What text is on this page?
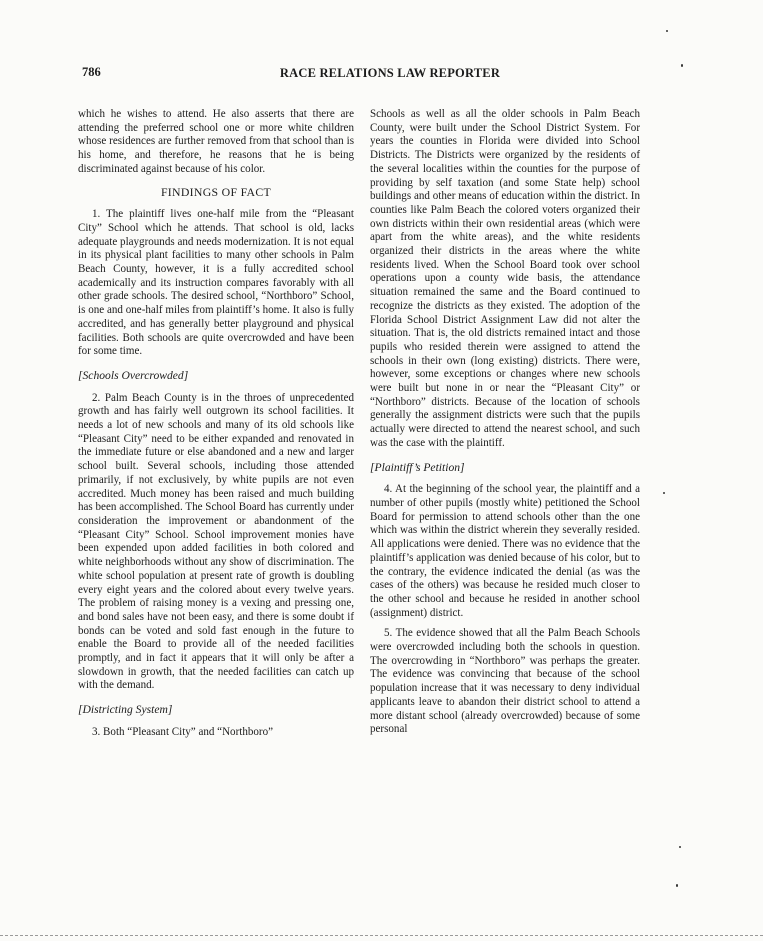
786	RACE RELATIONS LAW REPORTER

which he wishes to attend. He also asserts that there are attending the preferred school one or more white children whose residences are further removed from that school than is his home, and therefore, he reasons that he is being discriminated against because of his color.

FINDINGS OF FACT

1. The plaintiff lives one-half mile from the “Pleasant City” School which he attends. That school is old, lacks adequate playgrounds and needs modernization. It is not equal in its physical plant facilities to many other schools in Palm Beach County, however, it is a fully accredited school academically and its instruction compares favorably with all other grade schools. The desired school, “Northboro” School, is one and one-half miles from plaintiff’s home. It also is fully accredited, and has generally better playground and physical facilities. Both schools are quite overcrowded and have been for some time.

[Schools Overcrowded]

2. Palm Beach County is in the throes of unprecedented growth and has fairly well outgrown its school facilities. It needs a lot of new schools and many of its old schools like “Pleasant City” need to be either expanded and renovated in the immediate future or else abandoned and a new and larger school built. Several schools, including those attended primarily, if not exclusively, by white pupils are not even accredited. Much money has been raised and much building has been accomplished. The School Board has currently under consideration the improvement or abandonment of the “Pleasant City” School. School improvement monies have been expended upon added facilities in both colored and white neighborhoods without any show of discrimination. The white school population at present rate of growth is doubling every eight years and the colored about every twelve years. The problem of raising money is a vexing and pressing one, and bond sales have not been easy, and there is some doubt if bonds can be voted and sold fast enough in the future to enable the Board to provide all of the needed facilities promptly, and in fact it appears that it will only be after a slowdown in growth, that the needed facilities can catch up with the demand.

[Districting System]

3. Both “Pleasant City” and “Northboro”

Schools as well as all the older schools in Palm Beach County, were built under the School District System. For years the counties in Florida were divided into School Districts. The Districts were organized by the residents of the several localities within the counties for the purpose of providing by self taxation (and some State help) school buildings and other means of education within the district. In counties like Palm Beach the colored voters organized their own districts within their own residential areas (which were apart from the white areas), and the white residents organized their districts in the areas where the white residents lived. When the School Board took over school operations upon a county wide basis, the attendance situation remained the same and the Board continued to recognize the districts as they existed. The adoption of the Florida School District Assignment Law did not alter the situation. That is, the old districts remained intact and those pupils who resided therein were assigned to attend the schools in their own (long existing) districts. There were, however, some exceptions or changes where new schools were built but none in or near the “Pleasant City” or “Northboro” districts. Because of the location of schools generally the assignment districts were such that the pupils actually were directed to attend the nearest school, and such was the case with the plaintiff.

[Plaintiff’s Petition]

4. At the beginning of the school year, the plaintiff and a number of other pupils (mostly white) petitioned the School Board for permission to attend schools other than the one which was within the district wherein they severally resided. All applications were denied. There was no evidence that the plaintiff’s application was denied because of his color, but to the contrary, the evidence indicated the denial (as was the cases of the others) was because he resided much closer to the other school and because he resided in another school (assignment) district.

5. The evidence showed that all the Palm Beach Schools were overcrowded including both the schools in question. The overcrowding in “Northboro” was perhaps the greater. The evidence was convincing that because of the school population increase that it was necessary to deny individual applicants leave to abandon their district school to attend a more distant school (already overcrowded) because of some personal
